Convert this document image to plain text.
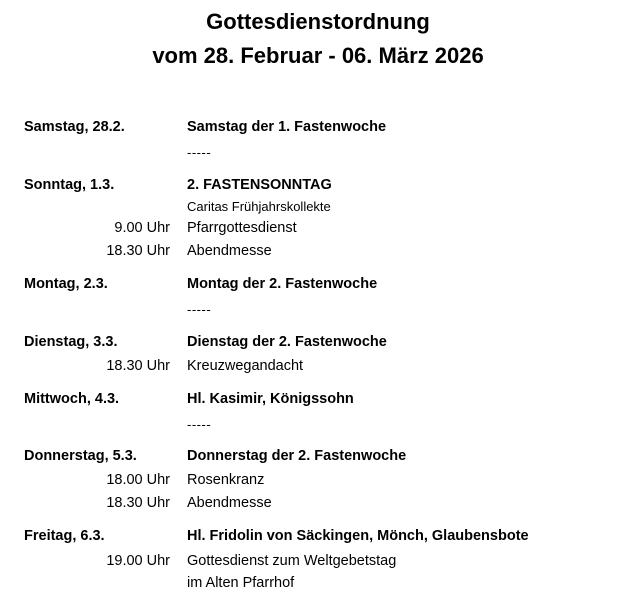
Gottesdienstordnung
vom 28. Februar - 06. März 2026
Samstag, 28.2.	Samstag der 1. Fastenwoche
-----
Sonntag, 1.3.	2. FASTENSONNTAG
Caritas Frühjahrskollekte
9.00 Uhr Pfarrgottesdienst
18.30 Uhr Abendmesse
Montag, 2.3.	Montag der 2. Fastenwoche
-----
Dienstag, 3.3.	Dienstag der 2. Fastenwoche
18.30 Uhr Kreuzwegandacht
Mittwoch, 4.3.	Hl. Kasimir, Königssohn
-----
Donnerstag, 5.3.	Donnerstag der 2. Fastenwoche
18.00 Uhr Rosenkranz
18.30 Uhr Abendmesse
Freitag, 6.3.	Hl. Fridolin von Säckingen, Mönch, Glaubensbote
19.00 Uhr Gottesdienst zum Weltgebetstag
im Alten Pfarrhof
